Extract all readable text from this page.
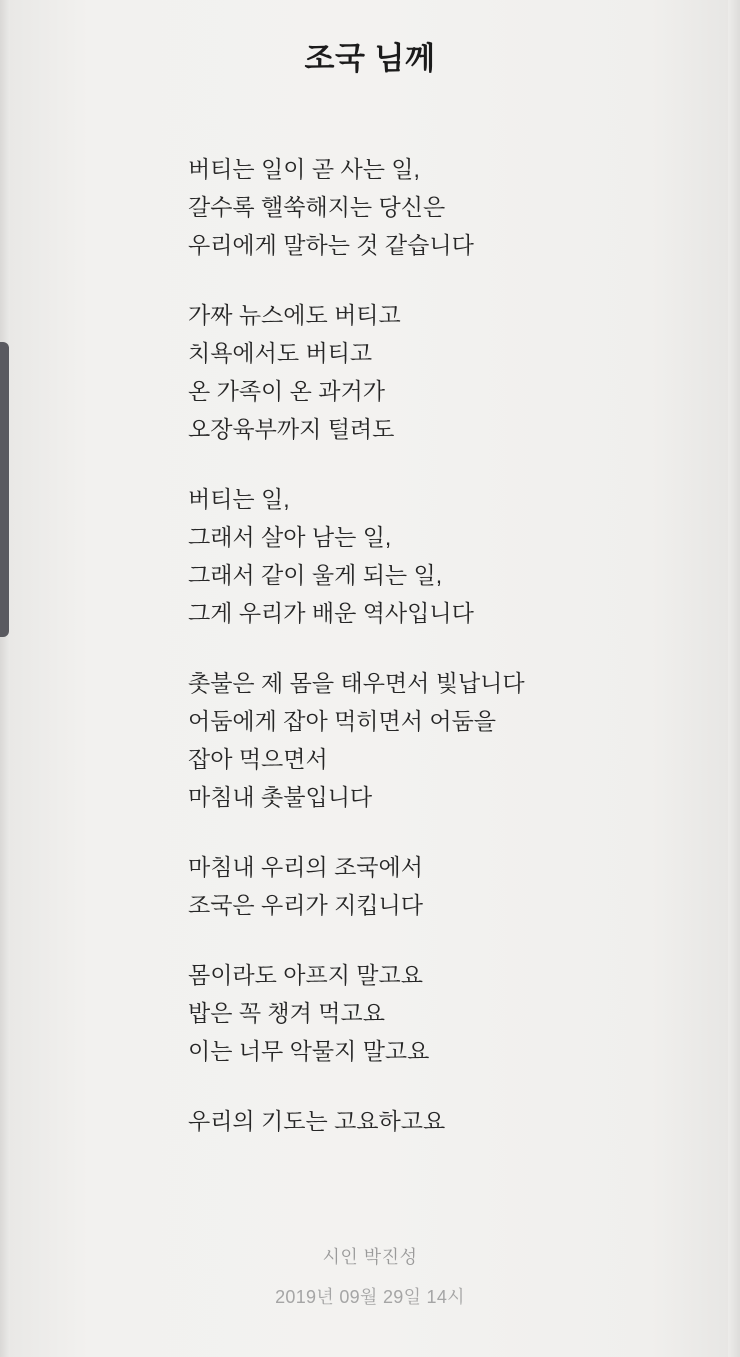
조국 님께
버티는 일이 곧 사는 일,
갈수록 핼쑥해지는 당신은
우리에게 말하는 것 같습니다
가짜 뉴스에도 버티고
치욕에서도 버티고
온 가족이 온 과거가
오장육부까지 털려도
버티는 일,
그래서 살아 남는 일,
그래서 같이 울게 되는 일,
그게 우리가 배운 역사입니다
촛불은 제 몸을 태우면서 빛납니다
어둠에게 잡아 먹히면서 어둠을
잡아 먹으면서
마침내 촛불입니다
마침내 우리의 조국에서
조국은 우리가 지킵니다
몸이라도 아프지 말고요
밥은 꼭 챙겨 먹고요
이는 너무 악물지 말고요
우리의 기도는 고요하고요
시인 박진성
2019년 09월 29일 14시
